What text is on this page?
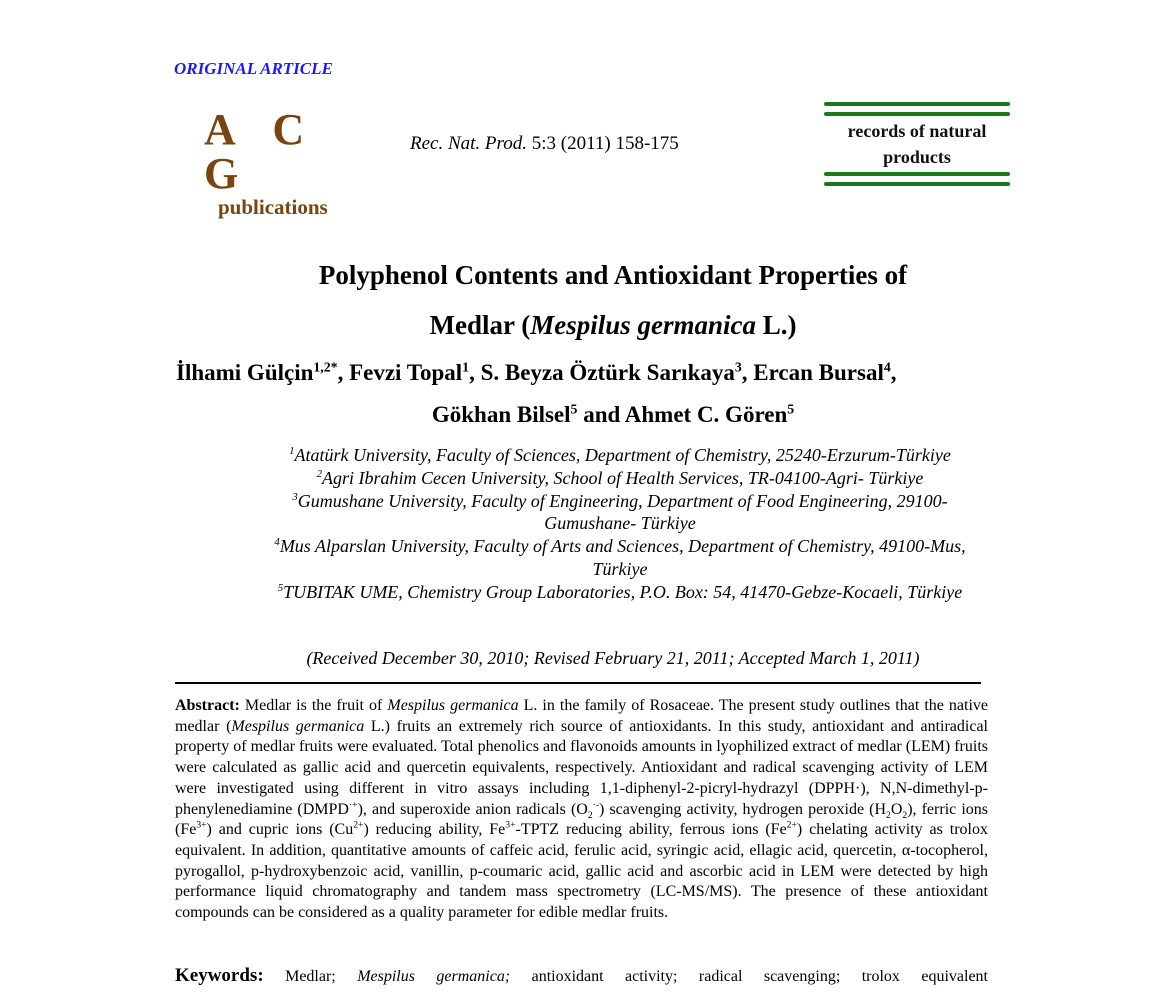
ORIGINAL ARTICLE
A C G
publications
Rec. Nat. Prod. 5:3 (2011) 158-175
records of natural
products
Polyphenol Contents and Antioxidant Properties of
Medlar (Mespilus germanica L.)
İlhami Gülçin$^{1,2*}$, Fevzi Topal$^1$, S. Beyza Öztürk Sarıkaya$^3$, Ercan Bursal$^4$,
Gökhan Bilsel$^5$ and Ahmet C. Gören$^5$
$^1$Atatürk University, Faculty of Sciences, Department of Chemistry, 25240-Erzurum-Türkiye
$^2$Agri Ibrahim Cecen University, School of Health Services, TR-04100-Agri- Türkiye
$^3$Gumushane University, Faculty of Engineering, Department of Food Engineering, 29100-Gumushane- Türkiye
$^4$Mus Alparslan University, Faculty of Arts and Sciences, Department of Chemistry, 49100-Mus, Türkiye
$^5$TUBITAK UME, Chemistry Group Laboratories, P.O. Box: 54, 41470-Gebze-Kocaeli, Türkiye
(Received December 30, 2010; Revised February 21, 2011; Accepted March 1, 2011)
Abstract: Medlar is the fruit of Mespilus germanica L. in the family of Rosaceae. The present study outlines that the native medlar (Mespilus germanica L.) fruits an extremely rich source of antioxidants. In this study, antioxidant and antiradical property of medlar fruits were evaluated. Total phenolics and flavonoids amounts in lyophilized extract of medlar (LEM) fruits were calculated as gallic acid and quercetin equivalents, respectively. Antioxidant and radical scavenging activity of LEM were investigated using different in vitro assays including 1,1-diphenyl-2-picryl-hydrazyl (DPPH·), N,N-dimethyl-p-phenylenediamine (DMPD·+), and superoxide anion radicals $(O_2^{\cdot-})$ scavenging activity, hydrogen peroxide $(H_2O_2)$, ferric ions $(Fe^{3+})$ and cupric ions $(Cu^{2+})$ reducing ability, $Fe^{3+}$-TPTZ reducing ability, ferrous ions $(Fe^{2+})$ chelating activity as trolox equivalent. In addition, quantitative amounts of caffeic acid, ferulic acid, syringic acid, ellagic acid, quercetin, α-tocopherol, pyrogallol, p-hydroxybenzoic acid, vanillin, p-coumaric acid, gallic acid and ascorbic acid in LEM were detected by high performance liquid chromatography and tandem mass spectrometry (LC-MS/MS). The presence of these antioxidant compounds can be considered as a quality parameter for edible medlar fruits.
Keywords: Medlar; Mespilus germanica; antioxidant activity; radical scavenging; trolox equivalent
